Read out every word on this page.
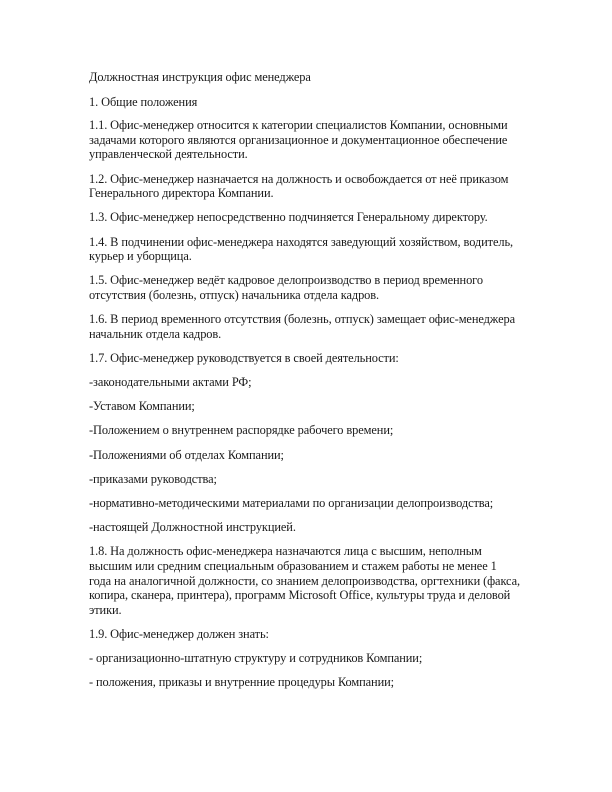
Должностная инструкция офис менеджера

1. Общие положения

1.1. Офис-менеджер относится к категории специалистов Компании, основными задачами которого являются организационное и документационное обеспечение управленческой деятельности.

1.2. Офис-менеджер назначается на должность и освобождается от неё приказом Генерального директора Компании.

1.3. Офис-менеджер непосредственно подчиняется Генеральному директору.

1.4. В подчинении офис-менеджера находятся заведующий хозяйством, водитель, курьер и уборщица.

1.5. Офис-менеджер ведёт кадровое делопроизводство в период временного отсутствия (болезнь, отпуск) начальника отдела кадров.

1.6. В период временного отсутствия (болезнь, отпуск) замещает офис-менеджера начальник отдела кадров.

1.7. Офис-менеджер руководствуется в своей деятельности:

-законодательными актами РФ;

-Уставом Компании;

-Положением о внутреннем распорядке рабочего времени;

-Положениями об отделах Компании;

-приказами руководства;

-нормативно-методическими материалами по организации делопроизводства;

-настоящей Должностной инструкцией.

1.8. На должность офис-менеджера назначаются лица с высшим, неполным высшим или средним специальным образованием и стажем работы не менее 1 года на аналогичной должности, со знанием делопроизводства, оргтехники (факса, копира, сканера, принтера), программ Microsoft Office, культуры труда и деловой этики.

1.9. Офис-менеджер должен знать:

- организационно-штатную структуру и сотрудников Компании;

- положения, приказы и внутренние процедуры Компании;
